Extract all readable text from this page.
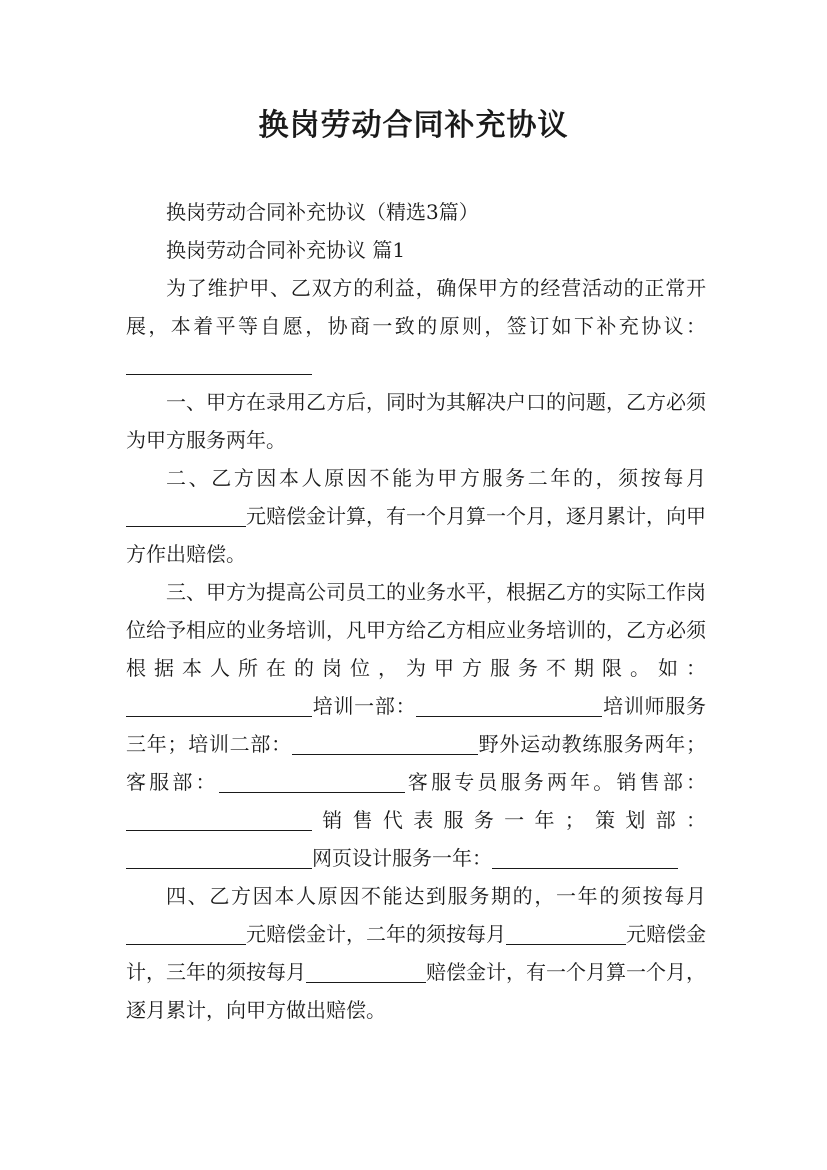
换岗劳动合同补充协议

换岗劳动合同补充协议（精选3篇）

换岗劳动合同补充协议 篇1

为了维护甲、乙双方的利益，确保甲方的经营活动的正常开展，本着平等自愿，协商一致的原则，签订如下补充协议：

一、甲方在录用乙方后，同时为其解决户口的问题，乙方必须为甲方服务两年。

二、乙方因本人原因不能为甲方服务二年的，须按每月元赔偿金计算，有一个月算一个月，逐月累计，向甲方作出赔偿。

三、甲方为提高公司员工的业务水平，根据乙方的实际工作岗位给予相应的业务培训，凡甲方给乙方相应业务培训的，乙方必须根据本人所在的岗位，为甲方服务不期限。如：培训一部：	培训师服务三年；培训二部：	野外运动教练服务两年；客服部：	客服专员服务两年。销售部：销售代表服务一年；策划部：网页设计服务一年：

四、乙方因本人原因不能达到服务期的，一年的须按每月元赔偿金计，二年的须按每月	元赔偿金计，三年的须按每月	赔偿金计，有一个月算一个月，逐月累计，向甲方做出赔偿。
